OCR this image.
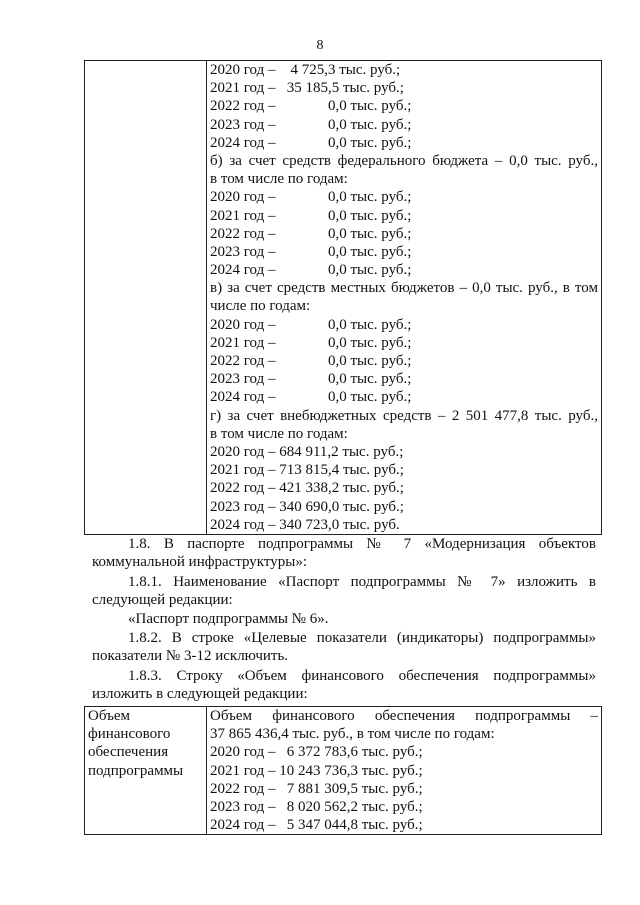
8

2020 год –    4 725,3 тыс. руб.;
2021 год –   35 185,5 тыс. руб.;
2022 год –              0,0 тыс. руб.;
2023 год –              0,0 тыс. руб.;
2024 год –              0,0 тыс. руб.;
б) за счет средств федерального бюджета – 0,0 тыс. руб.,
в том числе по годам:
2020 год –              0,0 тыс. руб.;
2021 год –              0,0 тыс. руб.;
2022 год –              0,0 тыс. руб.;
2023 год –              0,0 тыс. руб.;
2024 год –              0,0 тыс. руб.;
в) за счет средств местных бюджетов – 0,0 тыс. руб., в том
числе по годам:
2020 год –              0,0 тыс. руб.;
2021 год –              0,0 тыс. руб.;
2022 год –              0,0 тыс. руб.;
2023 год –              0,0 тыс. руб.;
2024 год –              0,0 тыс. руб.;
г) за счет внебюджетных средств – 2 501 477,8 тыс. руб.,
в том числе по годам:
2020 год – 684 911,2 тыс. руб.;
2021 год – 713 815,4 тыс. руб.;
2022 год – 421 338,2 тыс. руб.;
2023 год – 340 690,0 тыс. руб.;
2024 год – 340 723,0 тыс. руб.
1.8. В паспорте подпрограммы № 7 «Модернизация объектов
коммунальной инфраструктуры»:
1.8.1. Наименование «Паспорт подпрограммы № 7» изложить в
следующей редакции:
«Паспорт подпрограммы № 6».
1.8.2. В строке «Целевые показатели (индикаторы) подпрограммы»
показатели № 3-12 исключить.
1.8.3. Строку «Объем финансового обеспечения подпрограммы»
изложить в следующей редакции:
Объем
финансового
обеспечения
подпрограммы

Объем финансового обеспечения подпрограммы –
37 865 436,4 тыс. руб., в том числе по годам:
2020 год –   6 372 783,6 тыс. руб.;
2021 год – 10 243 736,3 тыс. руб.;
2022 год –   7 881 309,5 тыс. руб.;
2023 год –   8 020 562,2 тыс. руб.;
2024 год –   5 347 044,8 тыс. руб.;
